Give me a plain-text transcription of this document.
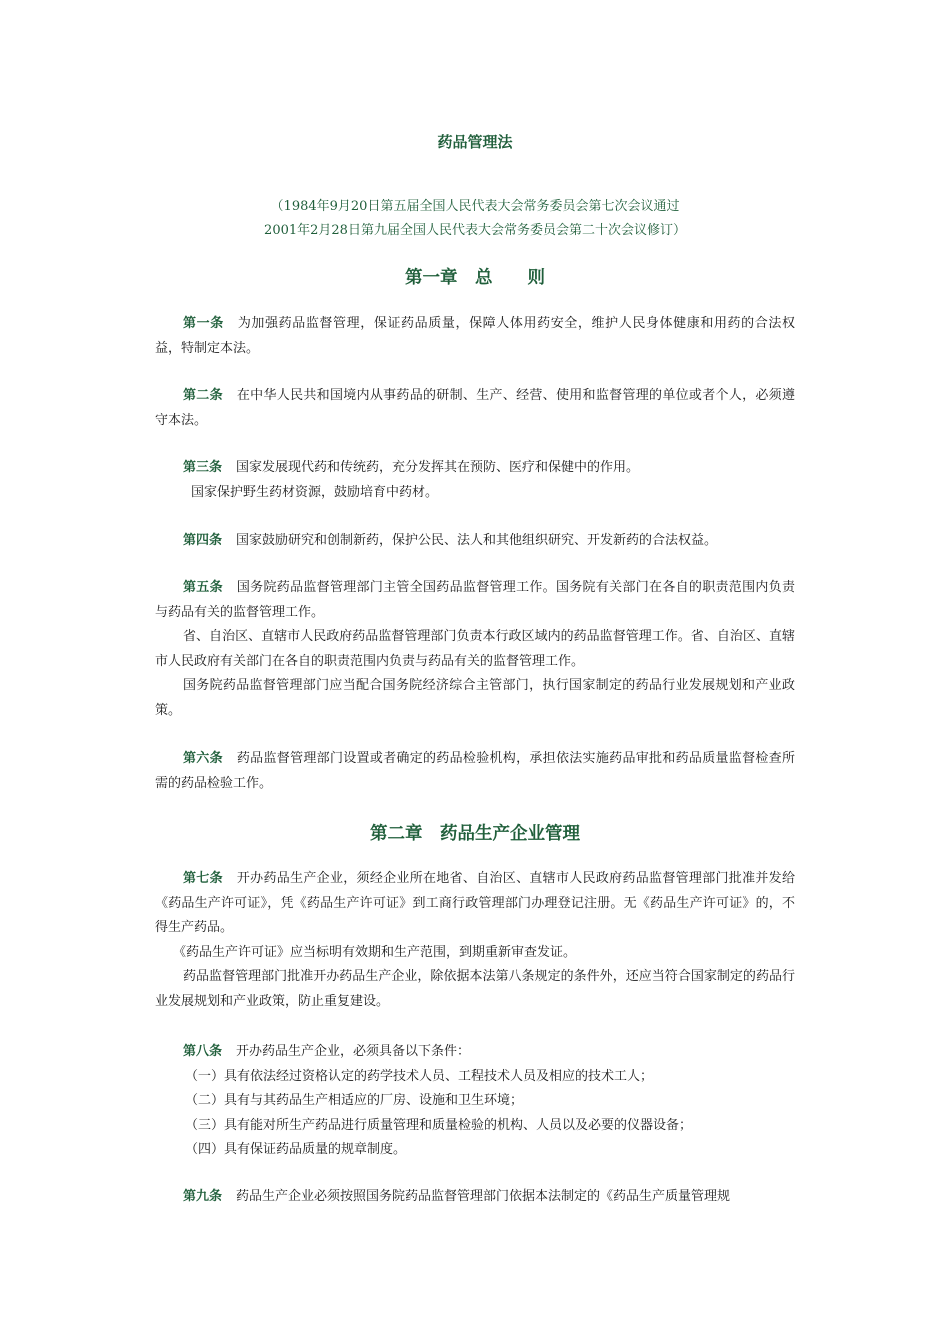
药品管理法
（1984年9月20日第五届全国人民代表大会常务委员会第七次会议通过
2001年2月28日第九届全国人民代表大会常务委员会第二十次会议修订）
第一章　总　　则

第一条 为加强药品监督管理，保证药品质量，保障人体用药安全，维护人民身体健康和用药的合法权益，特制定本法。

第二条 在中华人民共和国境内从事药品的研制、生产、经营、使用和监督管理的单位或者个人，必须遵守本法。

第三条 国家发展现代药和传统药，充分发挥其在预防、医疗和保健中的作用。

国家保护野生药材资源，鼓励培育中药材。

第四条 国家鼓励研究和创制新药，保护公民、法人和其他组织研究、开发新药的合法权益。

第五条 国务院药品监督管理部门主管全国药品监督管理工作。国务院有关部门在各自的职责范围内负责与药品有关的监督管理工作。

省、自治区、直辖市人民政府药品监督管理部门负责本行政区域内的药品监督管理工作。省、自治区、直辖市人民政府有关部门在各自的职责范围内负责与药品有关的监督管理工作。

国务院药品监督管理部门应当配合国务院经济综合主管部门，执行国家制定的药品行业发展规划和产业政策。

第六条 药品监督管理部门设置或者确定的药品检验机构，承担依法实施药品审批和药品质量监督检查所需的药品检验工作。

第二章　药品生产企业管理

第七条 开办药品生产企业，须经企业所在地省、自治区、直辖市人民政府药品监督管理部门批准并发给《药品生产许可证》，凭《药品生产许可证》到工商行政管理部门办理登记注册。无《药品生产许可证》的，不得生产药品。

《药品生产许可证》应当标明有效期和生产范围，到期重新审查发证。

药品监督管理部门批准开办药品生产企业，除依据本法第八条规定的条件外，还应当符合国家制定的药品行业发展规划和产业政策，防止重复建设。

第八条 开办药品生产企业，必须具备以下条件：

（一）具有依法经过资格认定的药学技术人员、工程技术人员及相应的技术工人；

（二）具有与其药品生产相适应的厂房、设施和卫生环境；

（三）具有能对所生产药品进行质量管理和质量检验的机构、人员以及必要的仪器设备；

（四）具有保证药品质量的规章制度。

第九条 药品生产企业必须按照国务院药品监督管理部门依据本法制定的《药品生产质量管理规
